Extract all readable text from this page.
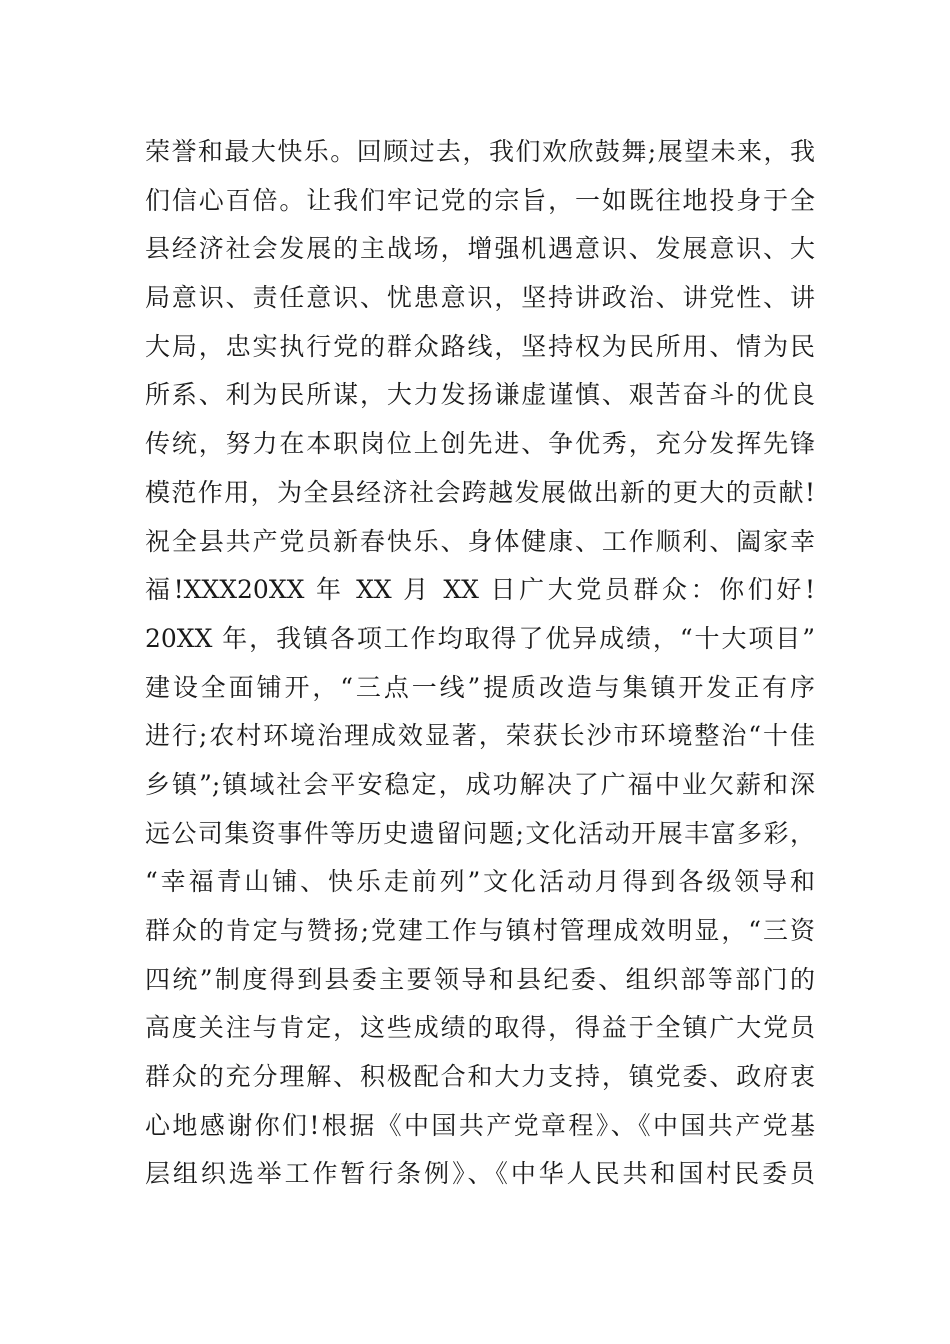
荣誉和最大快乐。回顾过去，我们欢欣鼓舞;展望未来，我
们信心百倍。让我们牢记党的宗旨，一如既往地投身于全
县经济社会发展的主战场，增强机遇意识、发展意识、大
局意识、责任意识、忧患意识，坚持讲政治、讲党性、讲
大局，忠实执行党的群众路线，坚持权为民所用、情为民
所系、利为民所谋，大力发扬谦虚谨慎、艰苦奋斗的优良
传统，努力在本职岗位上创先进、争优秀，充分发挥先锋
模范作用，为全县经济社会跨越发展做出新的更大的贡献!
祝全县共产党员新春快乐、身体健康、工作顺利、阖家幸
福!XXX20XX 年 XX 月 XX 日广大党员群众：你们好!
20XX 年，我镇各项工作均取得了优异成绩，“十大项目”
建设全面铺开，“三点一线”提质改造与集镇开发正有序
进行;农村环境治理成效显著，荣获长沙市环境整治“十佳
乡镇”;镇域社会平安稳定，成功解决了广福中业欠薪和深
远公司集资事件等历史遗留问题;文化活动开展丰富多彩，
“幸福青山铺、快乐走前列”文化活动月得到各级领导和
群众的肯定与赞扬;党建工作与镇村管理成效明显，“三资
四统”制度得到县委主要领导和县纪委、组织部等部门的
高度关注与肯定，这些成绩的取得，得益于全镇广大党员
群众的充分理解、积极配合和大力支持，镇党委、政府衷
心地感谢你们!根据《中国共产党章程》、《中国共产党基
层组织选举工作暂行条例》、《中华人民共和国村民委员
